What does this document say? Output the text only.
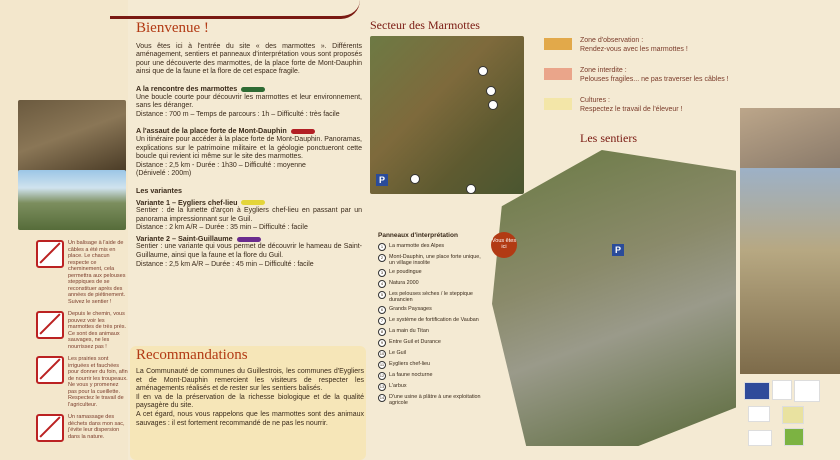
Un balisage à l'aide de câbles a été mis en place. Le chacun respecte ce cheminement, cela permettra aux pelouses steppiques de se reconstituer après des années de piétinement. Suivez le sentier !
Depuis le chemin, vous pouvez voir les marmottes de très près. Ce sont des animaux sauvages, ne les nourrissez pas !
Les prairies sont irriguées et fauchées pour donner du foin, afin de nourrir les troupeaux. Ne vous y promenez pas pour la cueillette. Respectez le travail de l'agriculteur.
Un ramassage des déchets dans mon sac, j'évite leur dispersion dans la nature.
Bienvenue !
Vous êtes ici à l'entrée du site « des marmottes ». Différents aménagement, sentiers et panneaux d'interprétation vous sont proposés pour une découverte des marmottes, de la place forte de Mont-Dauphin ainsi que de la faune et la flore de cet espace fragile.
A la rencontre des marmottes
Une boucle courte pour découvrir les marmottes et leur environnement, sans les déranger.
Distance : 700 m – Temps de parcours : 1h – Difficulté : très facile
A l'assaut de la place forte de Mont-Dauphin
Un itinéraire pour accéder à la place forte de Mont-Dauphin. Panoramas, explications sur le patrimoine militaire et la géologie ponctueront cette boucle qui revient ici même sur le site des marmottes.
Distance : 2,5 km - Durée : 1h30 – Difficulté : moyenne
(Dénivelé : 200m)
Les variantes
Variante 1 – Eygliers chef-lieu
Sentier : de la lunette d'arçon à Eygliers chef-lieu en passant par un panorama impressionnant sur le Guil.
Distance : 2 km A/R – Durée : 35 min – Difficulté : facile
Variante 2 – Saint-Guillaume
Sentier : une variante qui vous permet de découvrir le hameau de Saint-Guillaume, ainsi que la faune et la flore du Guil.
Distance : 2,5 km A/R – Durée : 45 min – Difficulté : facile
Recommandations
La Communauté de communes du Guillestrois, les communes d'Eygliers et de Mont-Dauphin remercient les visiteurs de respecter les aménagements réalisés et de rester sur les sentiers balisés.
Il en va de la préservation de la richesse biologique et de la qualité paysagère du site.
A cet égard, nous vous rappelons que les marmottes sont des animaux sauvages : il est fortement recommandé de ne pas les nourrir.
Secteur des Marmottes
P
Zone d'observation :
Rendez-vous avec les marmottes !
Zone interdite :
Pelouses fragiles... ne pas traverser les câbles !
Cultures :
Respectez le travail de l'éleveur !
Les sentiers
Vous êtes ici	P
Panneaux d'interprétation
1	La marmotte des Alpes
2	Mont-Dauphin, une place forte unique, un village insolite
3	Le poudingue
4	Natura 2000
5	Les pelouses sèches / le steppique durancien
6	Grands Paysages
7	Le système de fortification de Vauban
8	La main du Titan
9	Entre Guil et Durance
10 Le Guil
11 Eygliers chef-lieu
12 La faune nocturne
13 L'arbux
14 D'une usine à plâtre à une exploitation agricole
